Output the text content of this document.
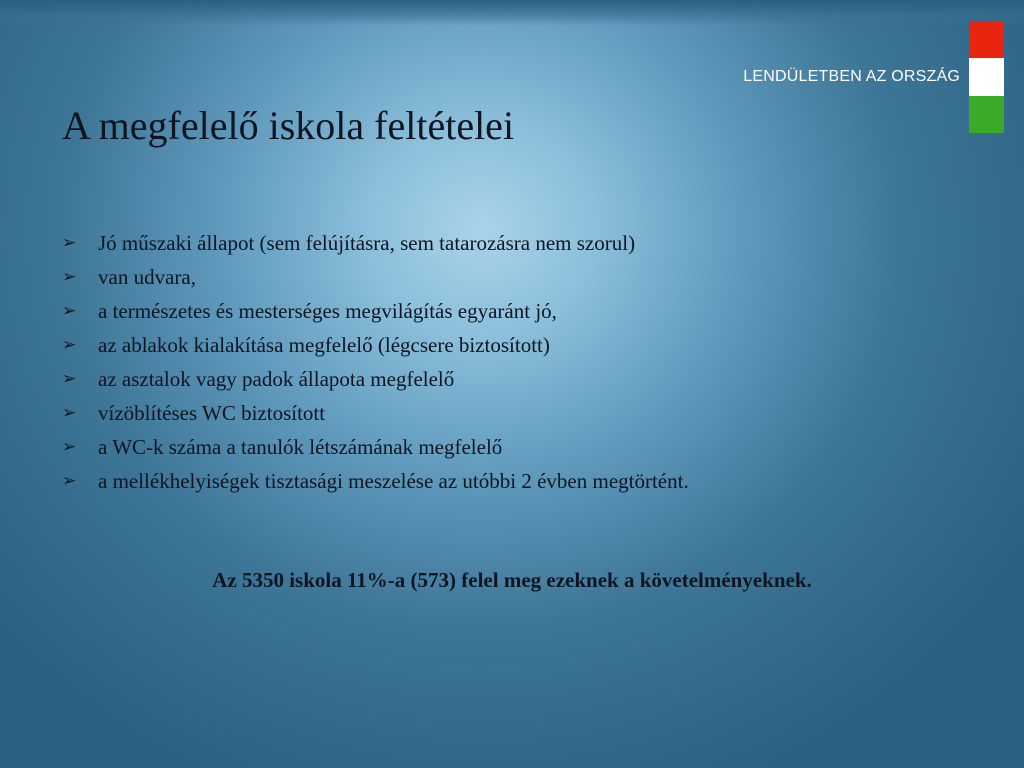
LENDÜLETBEN AZ ORSZÁG
A megfelelő iskola feltételei
➢	Jó műszaki állapot (sem felújításra, sem tatarozásra nem szorul)
➢	van udvara,
➢	a természetes és mesterséges megvilágítás egyaránt jó,
➢	az ablakok kialakítása megfelelő (légcsere biztosított)
➢	az asztalok vagy padok állapota megfelelő
➢	vízöblítéses WC biztosított
➢	a WC-k száma a tanulók létszámának megfelelő
➢	a mellékhelyiségek tisztasági meszelése az utóbbi 2 évben megtörtént.

Az 5350 iskola 11%-a (573) felel meg ezeknek a követelményeknek.
